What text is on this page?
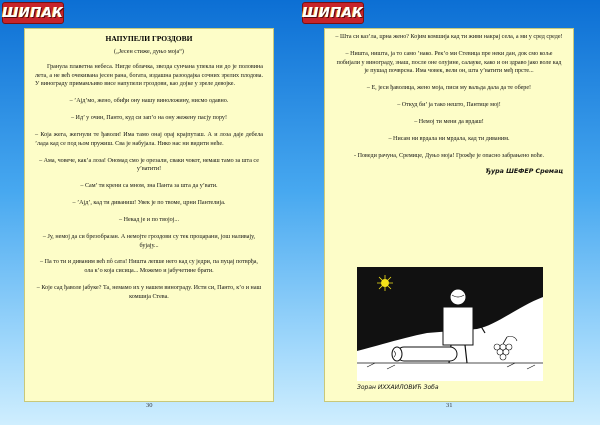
ШИПАК	ШИПАК
НАПУПЕЛИ ГРОЗДОВИ
(„Јесен стиже, дуњо моја“)
Гранула плаветна небеса. Нигде облачка, звезда сунчана упекла ни до је половина лета, а не већ очекивана јесен рана, богата, издашна разоодајка сочних зрелих плодова. У винограду примамљиво висе напупели гроздови, као дојке у зреле девојке.
– ’Ајд’мо, жено, обиђи ону нашу виноложину, нисмо одавно.
– Ид’ у очин, Панто, куд си зап’о на ону жежену пасју пору!
– Која жега, жегнули те ђаволи! Има тамо онај орај крајпуташ. А и лоза даје дебела ’лада кад се под њом пружиш. Сва је набујала. Нико нас ни видити неће.
– Ама, човече, как’а лоза! Ономад смо је орезали, сваки чокот, немаш тамо за шта се у’ватити!
– Сам’ ти крени са мном, зна Панта за шта да у’вати.
– ’Ајд’, кад ти диваниш! Увек је по твоме, црни Пантелија.
– Некад је и по твојој...
– Ју, немој да си брезобразан. А немојте гроздови су тек процарани, још наливају, бујају...
– Па то ти и диваним већ пô сата! Ништа лепше него кад су једри, па пуцај потврђа, ола к’о која сисица... Можемо и јабучетине брати.
– Које сад ђаволе јабуке? Та, немамо их у нашем винограду. Исти си, Панто, к’о и наш комшија Стева.
30
– Шта си каз’ла, црна жено? Којим комшија кад ти живи накрај села, а ми у сред среде!
– Ништа, ништа, ја то само ’нако. Рек’о ми Стевица пре неки дан, док смо коље побијали у винограду, знаш, после оне олујине, салауке, како и он здраво јако воле кад је пушад почврсна. Има човек, вели он, шта у’ватити међ прсте...
– Е, јеси ђаволица, жено моја, писи му вальда дала да те обере!
– Откуд би’ ја тако нешто, Пантице мој!
– Немој ти мени да врдаш!
– Нисам ни врдала ни мрдала, кад ти диваним.
- Поведи рачуна, Сремице, Дуњо моја! Грожђе је опасно забрањено воће.
Ђура ШЕФЕР Сремац
Зоран ИХХАИЛОВИЋ Зоба
31
